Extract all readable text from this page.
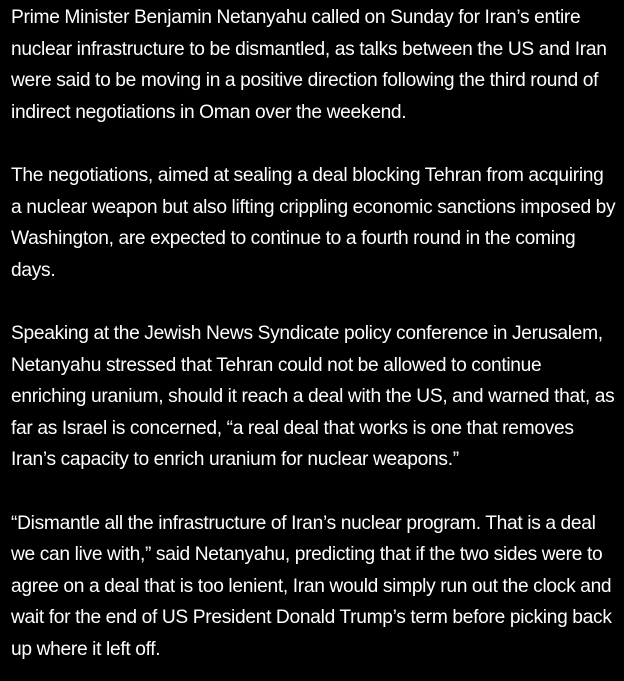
Prime Minister Benjamin Netanyahu called on Sunday for Iran’s entire nuclear infrastructure to be dismantled, as talks between the US and Iran were said to be moving in a positive direction following the third round of indirect negotiations in Oman over the weekend.

The negotiations, aimed at sealing a deal blocking Tehran from acquiring a nuclear weapon but also lifting crippling economic sanctions imposed by Washington, are expected to continue to a fourth round in the coming days.

Speaking at the Jewish News Syndicate policy conference in Jerusalem, Netanyahu stressed that Tehran could not be allowed to continue enriching uranium, should it reach a deal with the US, and warned that, as far as Israel is concerned, “a real deal that works is one that removes Iran’s capacity to enrich uranium for nuclear weapons.”

“Dismantle all the infrastructure of Iran’s nuclear program. That is a deal we can live with,” said Netanyahu, predicting that if the two sides were to agree on a deal that is too lenient, Iran would simply run out the clock and wait for the end of US President Donald Trump’s term before picking back up where it left off.
